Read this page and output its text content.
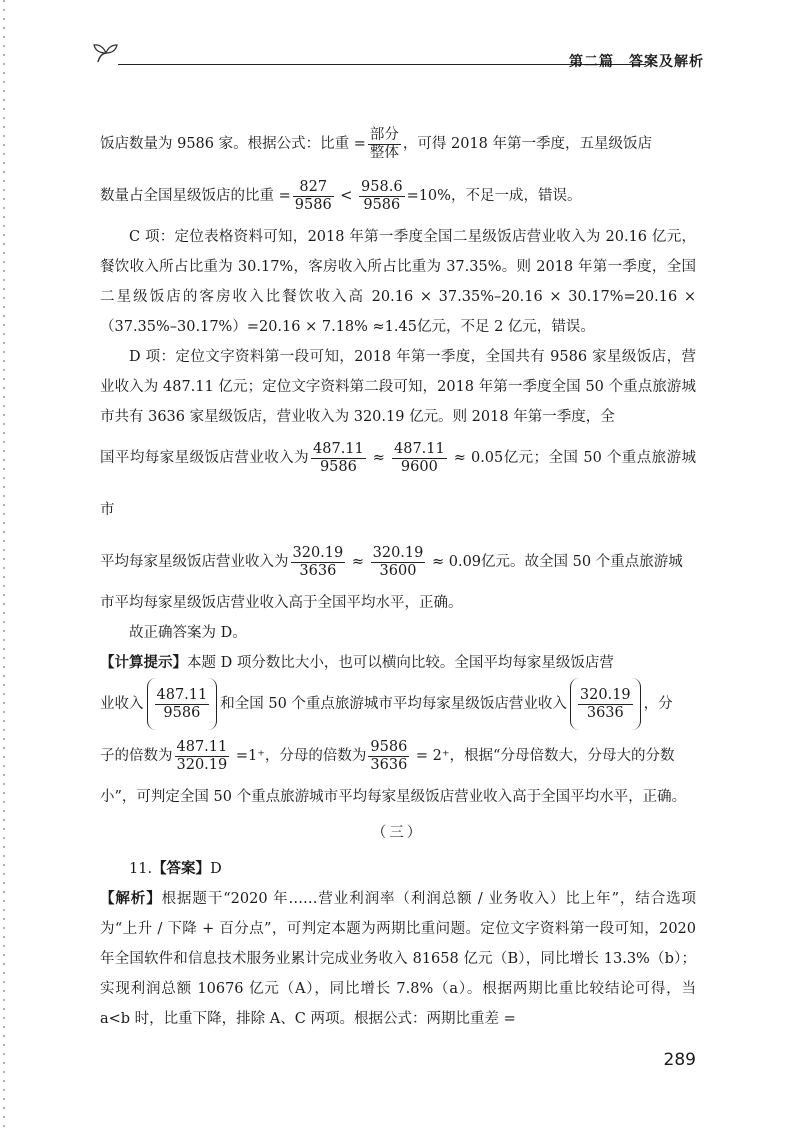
第二篇　答案及解析

饭店数量为 9586 家。根据公式：比重 = $\frac{\text{部分}}{\text{整体}}$ ，可得 2018 年第一季度，五星级饭店

数量占全国星级饭店的比重 = $\frac{827}{9586} < \frac{958.6}{9586} =10\%$，不足一成，错误。

C 项：定位表格资料可知，2018 年第一季度全国二星级饭店营业收入为 20.16 亿元，餐饮收入所占比重为 30.17%，客房收入所占比重为 37.35%。则 2018 年第一季度，全国二星级饭店的客房收入比餐饮收入高 20.16 × 37.35%–20.16 × 30.17%=20.16 ×（37.35%–30.17%）=20.16 × 7.18% ≈1.45亿元，不足 2 亿元，错误。

D 项：定位文字资料第一段可知，2018 年第一季度，全国共有 9586 家星级饭店，营业收入为 487.11 亿元；定位文字资料第二段可知，2018 年第一季度全国 50 个重点旅游城市共有 3636 家星级饭店，营业收入为 320.19 亿元。则 2018 年第一季度，全

国平均每家星级饭店营业收入为 $\frac{487.11}{9586} \approx \frac{487.11}{9600} \approx 0.05$亿元；全国 50 个重点旅游城市

平均每家星级饭店营业收入为 $\frac{320.19}{3636} \approx \frac{320.19}{3600} \approx 0.09$亿元。故全国 50 个重点旅游城

市平均每家星级饭店营业收入高于全国平均水平，正确。

故正确答案为 D。

【计算提示】本题 D 项分数比大小，也可以横向比较。全国平均每家星级饭店营

业收入 $\frac{487.11}{9586}$ 和全国 50 个重点旅游城市平均每家星级饭店营业收入 $\frac{320.19}{3636}$ ，分

子的倍数为 $\frac{487.11}{320.19} =1^+$，分母的倍数为 $\frac{9586}{3636} = 2^+$，根据“分母倍数大，分母大的分数

小”，可判定全国 50 个重点旅游城市平均每家星级饭店营业收入高于全国平均水平，正确。

（三）

11.【答案】D

【解析】根据题干“2020 年……营业利润率（利润总额 / 业务收入）比上年”，结合选项为“上升 / 下降 + 百分点”，可判定本题为两期比重问题。定位文字资料第一段可知，2020 年全国软件和信息技术服务业累计完成业务收入 81658 亿元（B），同比增长 13.3%（b）；实现利润总额 10676 亿元（A），同比增长 7.8%（a）。根据两期比重比较结论可得，当 a<b 时，比重下降，排除 A、C 两项。根据公式：两期比重差 =

289
